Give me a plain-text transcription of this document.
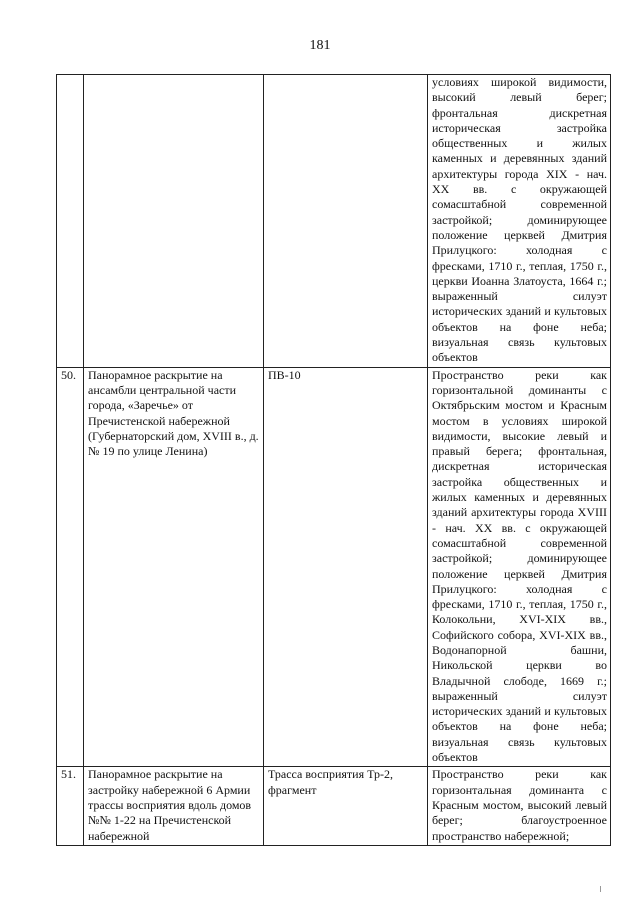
181
			условиях широкой видимости, высокий левый берег; фронтальная дискретная историческая застройка общественных и жилых каменных и деревянных зданий архитектуры города XIX - нач. XX вв. с окружающей сомасштабной современной застройкой; доминирующее положение церквей Дмитрия Прилуцкого: холодная с фресками, 1710 г., теплая, 1750 г., церкви Иоанна Златоуста, 1664 г.; выраженный силуэт исторических зданий и культовых объектов на фоне неба; визуальная связь культовых объектов
50.	Панорамное раскрытие на ансамбли центральной части города, «Заречье» от Пречистенской набережной (Губернаторский дом, XVIII в., д. № 19 по улице Ленина)	ПВ-10	Пространство реки как горизонтальной доминанты с Октябрьским мостом и Красным мостом в условиях широкой видимости, высокие левый и правый берега; фронтальная, дискретная историческая застройка общественных и жилых каменных и деревянных зданий архитектуры города XVIII - нач. XX вв. с окружающей сомасштабной современной застройкой; доминирующее положение церквей Дмитрия Прилуцкого: холодная с фресками, 1710 г., теплая, 1750 г., Колокольни, XVI-XIX вв., Софийского собора, XVI-XIX вв., Водонапорной башни, Никольской церкви во Владычной слободе, 1669 г.; выраженный силуэт исторических зданий и культовых объектов на фоне неба; визуальная связь культовых объектов
51.	Панорамное раскрытие на застройку набережной 6 Армии трассы восприятия вдоль домов №№ 1-22 на Пречистенской набережной	Трасса восприятия Тр-2, фрагмент	Пространство реки как горизонтальная доминанта с Красным мостом, высокий левый берег; благоустроенное пространство набережной;
